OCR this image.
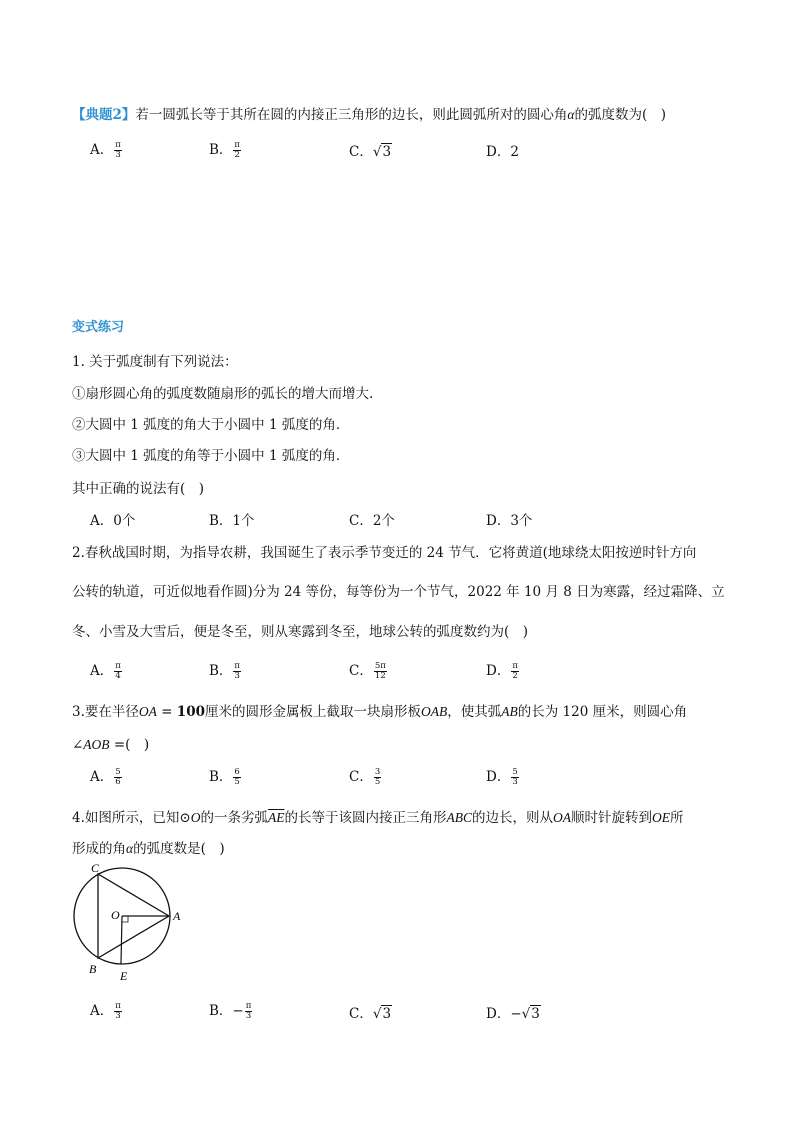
【典题2】若一圆弧长等于其所在圆的内接正三角形的边长，则此圆弧所对的圆心角α的弧度数为(　)
A． $\frac{\pi}{3}$	B． $\frac{\pi}{2}$	C．√3	D．2
变式练习
1. 关于弧度制有下列说法：
①扇形圆心角的弧度数随扇形的弧长的增大而增大.
②大圆中 1 弧度的角大于小圆中 1 弧度的角．
③大圆中 1 弧度的角等于小圆中 1 弧度的角．
其中正确的说法有(　)
A．0个	B．1个	C．2个	D．3个
2.春秋战国时期，为指导农耕，我国诞生了表示季节变迁的 24 节气．它将黄道(地球绕太阳按逆时针方向
公转的轨道，可近似地看作圆)分为 24 等份，每等份为一个节气，2022 年 10 月 8 日为寒露，经过霜降、立
冬、小雪及大雪后，便是冬至，则从寒露到冬至，地球公转的弧度数约为(　)
A． $\frac{\pi}{4}$	B． $\frac{\pi}{3}$	C． $\frac{5\pi}{12}$	D． $\frac{\pi}{2}$
3.要在半径OA = 100厘米的圆形金属板上截取一块扇形板OAB，使其弧AB的长为 120 厘米，则圆心角
∠AOB =(　)
A． $\frac{5}{6}$	B． $\frac{6}{5}$	C． $\frac{3}{5}$	D． $\frac{5}{3}$
4.如图所示，已知⊙O的一条劣弧$\overline{AE}$的长等于该圆内接正三角形ABC的边长，则从OA顺时针旋转到OE所
形成的角α的弧度数是(　)
C
O	A
B E
A． $\frac{\pi}{3}$	B．− $\frac{\pi}{3}$	C．√3	D．−√3
